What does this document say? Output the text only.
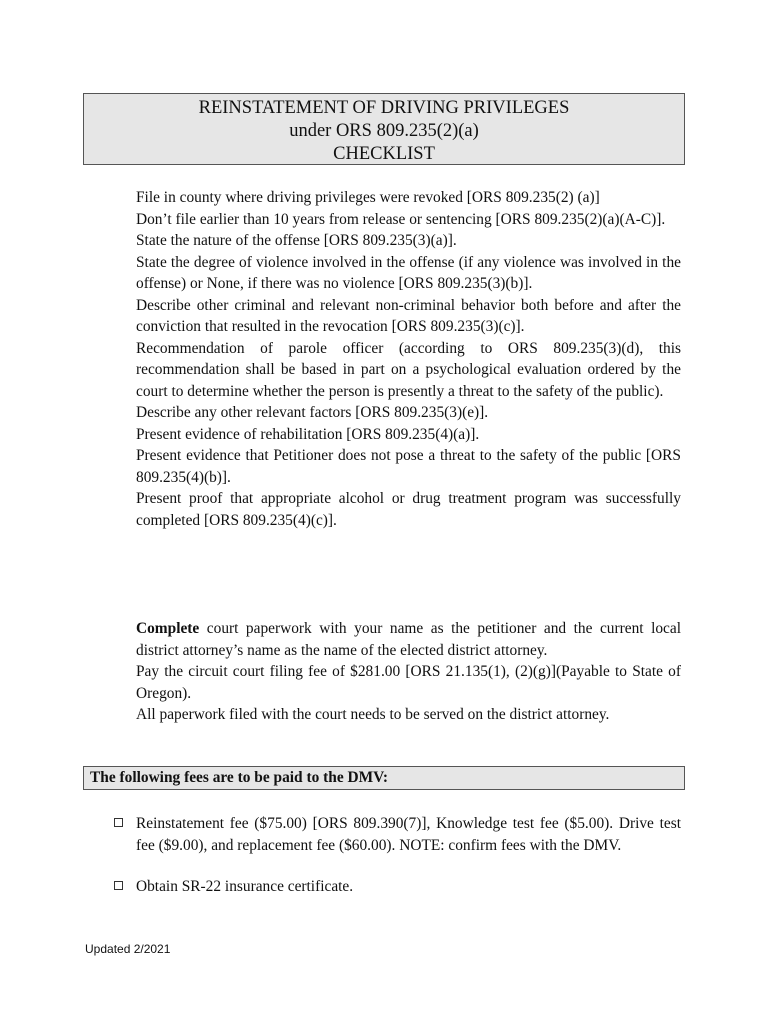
REINSTATEMENT OF DRIVING PRIVILEGES
under ORS 809.235(2)(a)
CHECKLIST

File in county where driving privileges were revoked [ORS 809.235(2) (a)]

Don’t file earlier than 10 years from release or sentencing [ORS 809.235(2)(a)(A-C)].

State the nature of the offense [ORS 809.235(3)(a)].

State the degree of violence involved in the offense (if any violence was involved in the offense) or None, if there was no violence [ORS 809.235(3)(b)].

Describe other criminal and relevant non-criminal behavior both before and after the conviction that resulted in the revocation [ORS 809.235(3)(c)].

Recommendation of parole officer (according to ORS 809.235(3)(d), this recommendation shall be based in part on a psychological evaluation ordered by the court to determine whether the person is presently a threat to the safety of the public).

Describe any other relevant factors [ORS 809.235(3)(e)].

Present evidence of rehabilitation [ORS 809.235(4)(a)].

Present evidence that Petitioner does not pose a threat to the safety of the public [ORS 809.235(4)(b)].

Present proof that appropriate alcohol or drug treatment program was successfully completed [ORS 809.235(4)(c)].

Complete court paperwork with your name as the petitioner and the current local district attorney’s name as the name of the elected district attorney.

Pay the circuit court filing fee of $281.00 [ORS 21.135(1), (2)(g)](Payable to State of Oregon).

All paperwork filed with the court needs to be served on the district attorney.

The following fees are to be paid to the DMV:
Reinstatement fee ($75.00) [ORS 809.390(7)], Knowledge test fee ($5.00). Drive test fee ($9.00), and replacement fee ($60.00). NOTE: confirm fees with the DMV.
Obtain SR-22 insurance certificate.
Updated 2/2021
